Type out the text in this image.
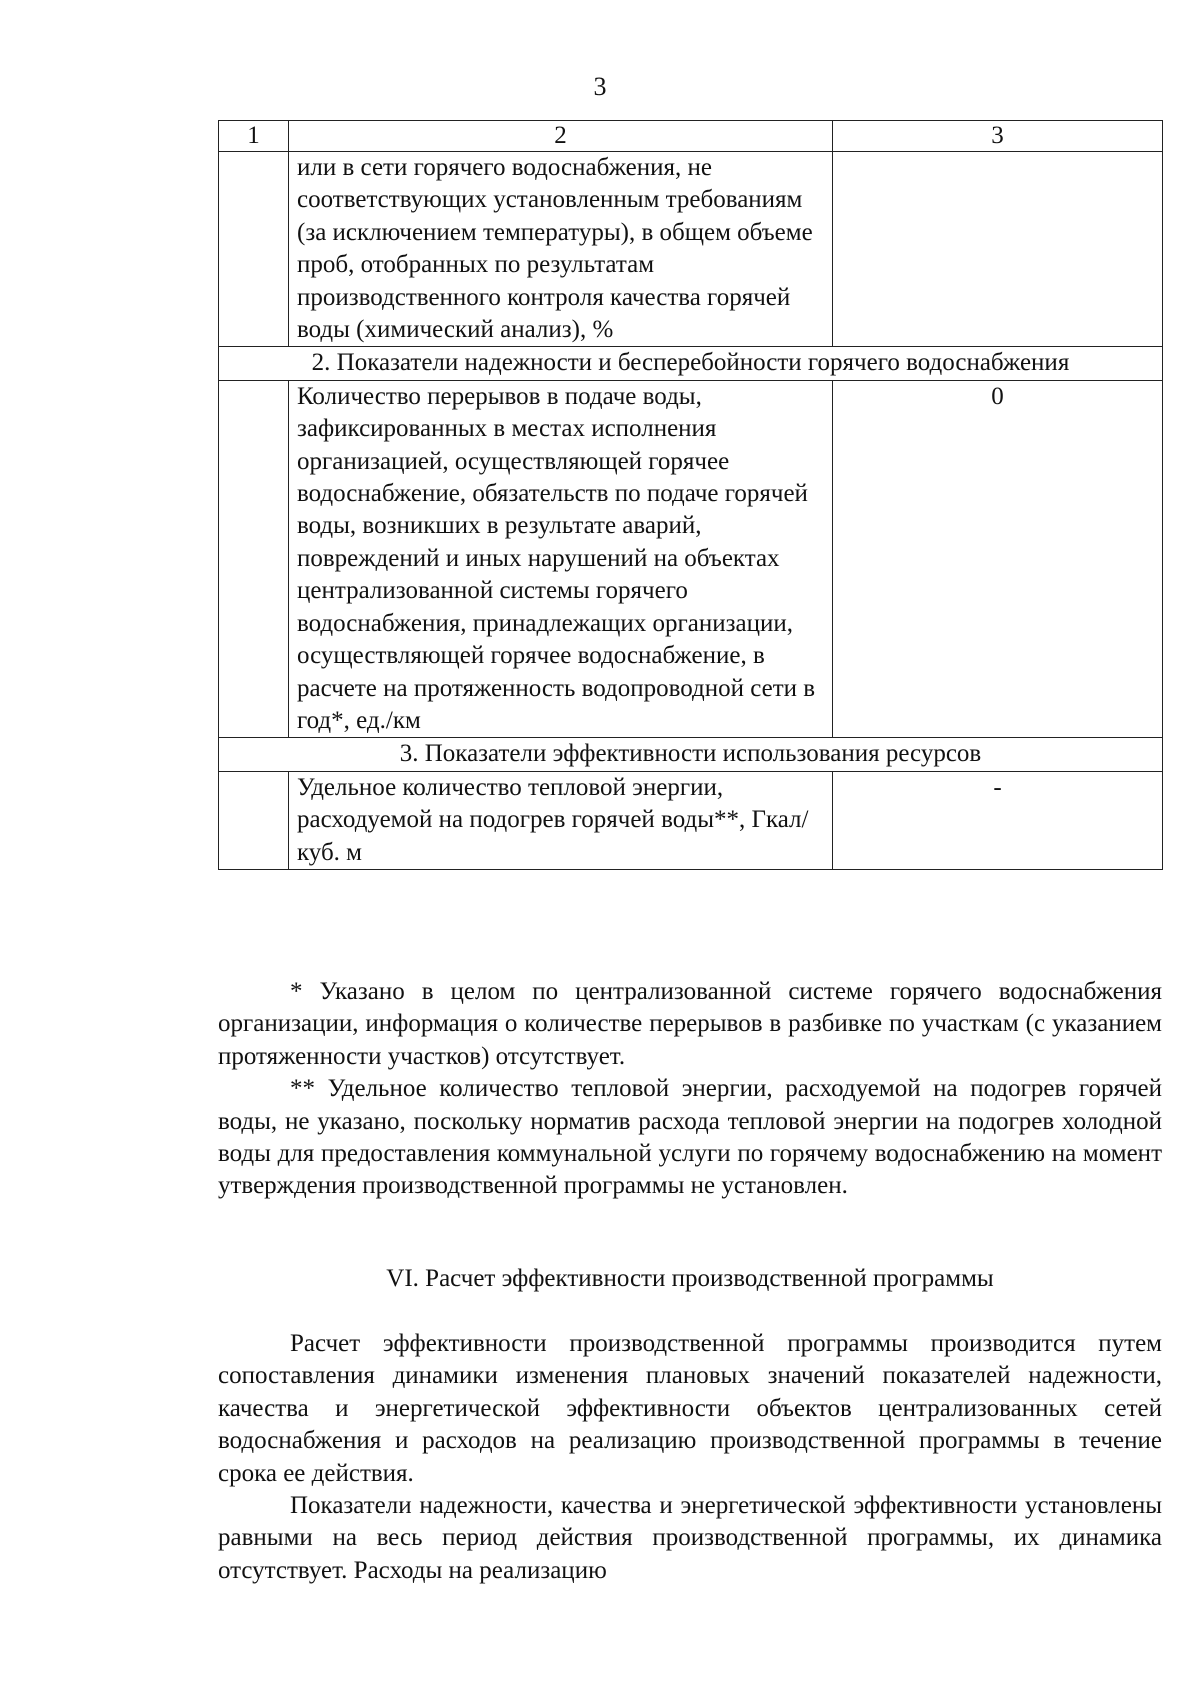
3
1	2	3
	или в сети горячего водоснабжения, не соответствующих установленным требованиям (за исключением температуры), в общем объеме проб, отобранных по результатам производственного контроля качества горячей воды (химический анализ), %	
2. Показатели надежности и бесперебойности горячего водоснабжения		
	Количество перерывов в подаче воды, зафиксированных в местах исполнения организацией, осуществляющей горячее водоснабжение, обязательств по подаче горячей воды, возникших в результате аварий, повреждений и иных нарушений на объектах централизованной системы горячего водоснабжения, принадлежащих организации, осуществляющей горячее водоснабжение, в расчете на протяженность водопроводной сети в год*, ед./км	0
3. Показатели эффективности использования ресурсов		
	Удельное количество тепловой энергии, расходуемой на подогрев горячей воды**, Гкал/ куб. м	-

* Указано в целом по централизованной системе горячего водоснабжения организации, информация о количестве перерывов в разбивке по участкам (с указанием протяженности участков) отсутствует.

** Удельное количество тепловой энергии, расходуемой на подогрев горячей воды, не указано, поскольку норматив расхода тепловой энергии на подогрев холодной воды для предоставления коммунальной услуги по горячему водоснабжению на момент утверждения производственной программы не установлен.

VI. Расчет эффективности производственной программы

Расчет эффективности производственной программы производится путем сопоставления динамики изменения плановых значений показателей надежности, качества и энергетической эффективности объектов централизованных сетей водоснабжения и расходов на реализацию производственной программы в течение срока ее действия.

Показатели надежности, качества и энергетической эффективности установлены равными на весь период действия производственной программы, их динамика отсутствует. Расходы на реализацию
